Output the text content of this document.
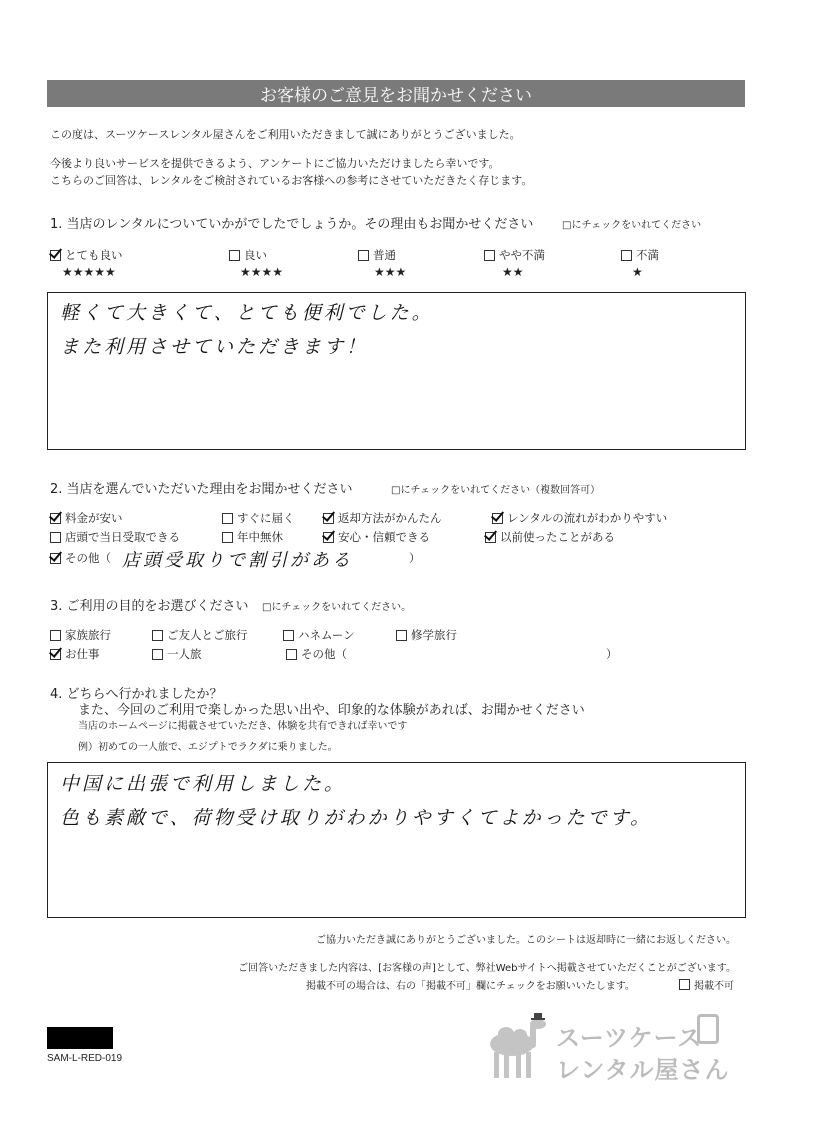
お客様のご意見をお聞かせください
この度は、スーツケースレンタル屋さんをご利用いただきまして誠にありがとうございました。
今後より良いサービスを提供できるよう、アンケートにご協力いただけましたら幸いです。
こちらのご回答は、レンタルをご検討されているお客様への参考にさせていただきたく存じます。
1. 当店のレンタルについていかがでしたでしょうか。その理由もお聞かせください	□にチェックをいれてください
とても良い
★★★★★
良い
★★★★
普通
★★★
やや不満
★★
不満
★
軽くて大きくて、とても便利でした。
また利用させていただきます！
2. 当店を選んでいただいた理由をお聞かせください	□にチェックをいれてください（複数回答可）
料金が安い	すぐに届く	返却方法がかんたん	レンタルの流れがわかりやすい
店頭で当日受取できる	年中無休	安心・信頼できる	以前使ったことがある
その他（ 店頭受取りで割引がある	）
3. ご利用の目的をお選びください □にチェックをいれてください。
家族旅行	ご友人とご旅行	ハネムーン	修学旅行
お仕事	一人旅	その他（	）
4. どちらへ行かれましたか？
また、今回のご利用で楽しかった思い出や、印象的な体験があれば、お聞かせください
当店のホームページに掲載させていただき、体験を共有できれば幸いです
例）初めての一人旅で、エジプトでラクダに乗りました。
中国に出張で利用しました。
色も素敵で、荷物受け取りがわかりやすくてよかったです。
ご協力いただき誠にありがとうございました。このシートは返却時に一緒にお返しください。
ご回答いただきました内容は、[お客様の声]として、弊社Webサイトへ掲載させていただくことがございます。
掲載不可の場合は、右の「掲載不可」欄にチェックをお願いいたします。	掲載不可
SAM-L-RED-019
スーツケース
レンタル屋さん
